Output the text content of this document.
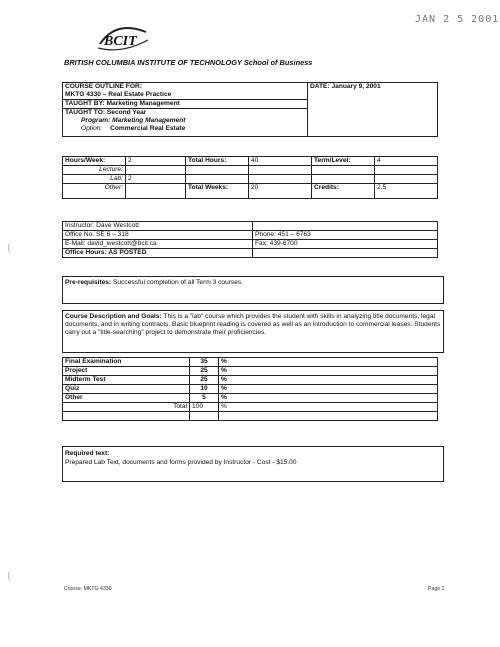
JAN 2 5 2001
BCIT
BRITISH COLUMBIA INSTITUTE OF TECHNOLOGY School of Business
COURSE OUTLINE FOR:
MKTG 4330 – Real Estate Practice
	DATE: January 9, 2001
TAUGHT BY: Marketing Management

TAUGHT TO: Second Year
Program: Marketing Management
Option: Commercial Real Estate
Hours/Week:	2	Total Hours:	40	Term/Level:	4
Lecture:					
Lab:	2				
Other:		Total Weeks:	20	Credits:	2.5
Instructor: Dave Westcott	
Office No. SE 6 – 318	Phone: 451 – 6763
E-Mail: david_westcott@bcit.ca	Fax: 439-6700
Office Hours: AS POSTED	
Pre-requisites: Successful completion of all Term 3 courses.
Course Description and Goals: This is a "lab" course which provides the student with skills in analyzing title documents, legal documents, and in writing contracts. Basic blueprint reading is covered as well as an introduction to commercial leases. Students carry out a "title-searching" project to demonstrate their proficiencies.
Final Examination	35	%
Project	25	%
Midterm Test	25	%
Quiz	10	%
Other	5	%
Total	100	%

Required text:
Prepared Lab Text, documents and forms provided by Instructor - Cost - $15.00
Course: MKTG 4330	Page 1
